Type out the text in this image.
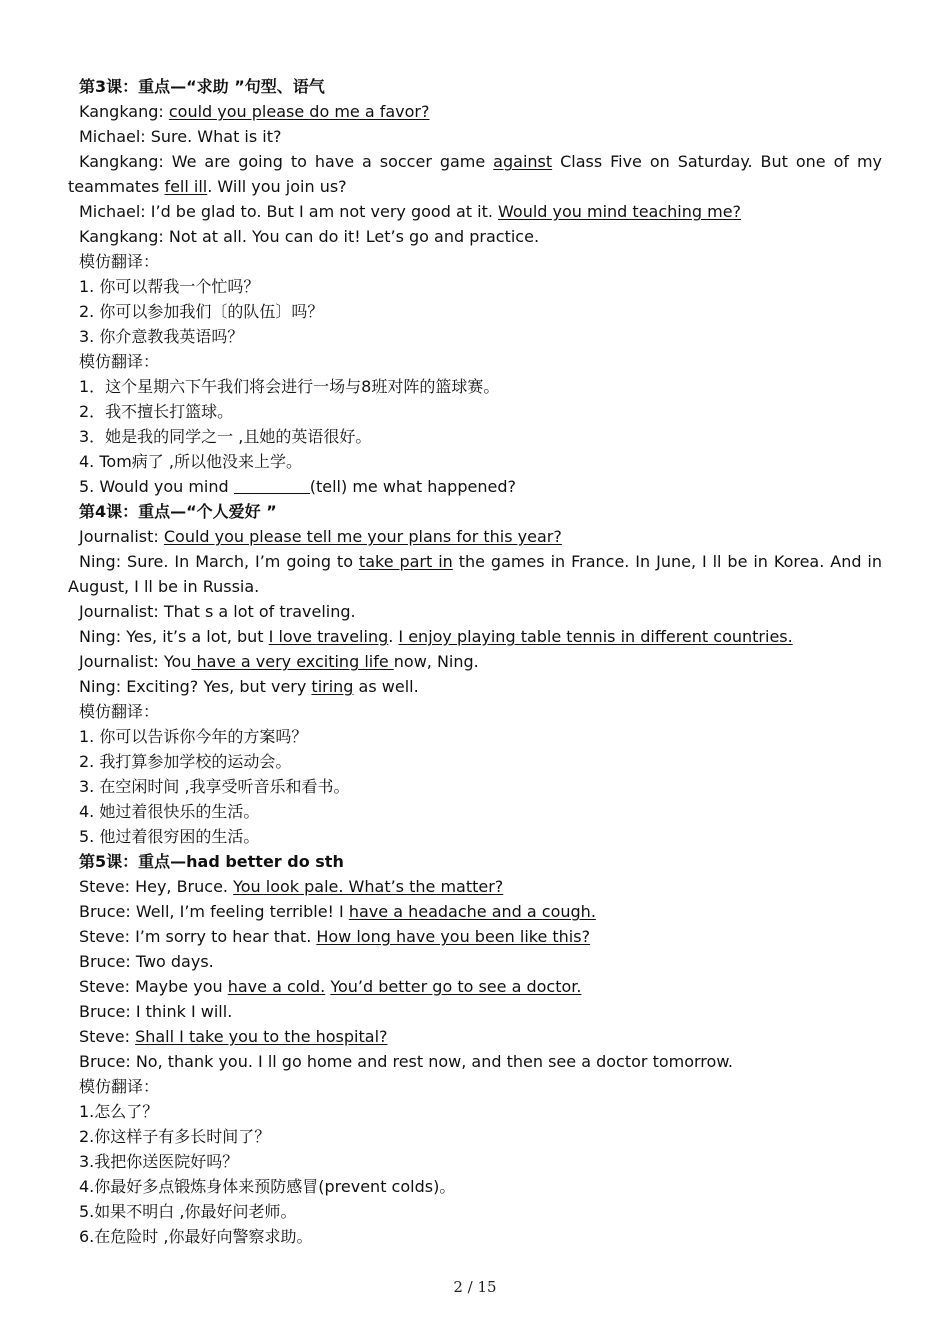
第3课：重点—“求助 ”句型、语气
Kangkang: could you please do me a favor?
Michael: Sure. What is it?
Kangkang: We are going to have a soccer game against Class Five on Saturday. But one of my teammates fell ill. Will you join us?
Michael: I’d be glad to. But I am not very good at it. Would you mind teaching me?
Kangkang: Not at all. You can do it! Let’s go and practice.
模仿翻译：
1. 你可以帮我一个忙吗？
2. 你可以参加我们〔的队伍〕吗？
3. 你介意教我英语吗？
模仿翻译：
1．这个星期六下午我们将会进行一场与8班对阵的篮球赛。
2．我不擅长打篮球。
3．她是我的同学之一 ,且她的英语很好。
4. Tom病了 ,所以他没来上学。
5. Would you mind	(tell) me what happened?
第4课：重点—“个人爱好 ”
Journalist: Could you please tell me your plans for this year?
Ning: Sure. In March, I’m going to take part in the games in France. In June, I ll be in Korea. And in August, I ll be in Russia.
Journalist: That s a lot of traveling.
Ning: Yes, it’s a lot, but I love traveling. I enjoy playing table tennis in different countries.
Journalist: You have a very exciting life now, Ning.
Ning: Exciting? Yes, but very tiring as well.
模仿翻译：
1. 你可以告诉你今年的方案吗？
2. 我打算参加学校的运动会。
3. 在空闲时间 ,我享受听音乐和看书。
4. 她过着很快乐的生活。
5. 他过着很穷困的生活。
第5课：重点—had better do sth
Steve: Hey, Bruce. You look pale. What’s the matter?
Bruce: Well, I’m feeling terrible! I have a headache and a cough.
Steve: I’m sorry to hear that. How long have you been like this?
Bruce: Two days.
Steve: Maybe you have a cold. You’d better go to see a doctor.
Bruce: I think I will.
Steve: Shall I take you to the hospital?
Bruce: No, thank you. I ll go home and rest now, and then see a doctor tomorrow.
模仿翻译：
1.怎么了？
2.你这样子有多长时间了？
3.我把你送医院好吗？
4.你最好多点锻炼身体来预防感冒(prevent colds)。
5.如果不明白 ,你最好问老师。
6.在危险时 ,你最好向警察求助。
2 / 15
